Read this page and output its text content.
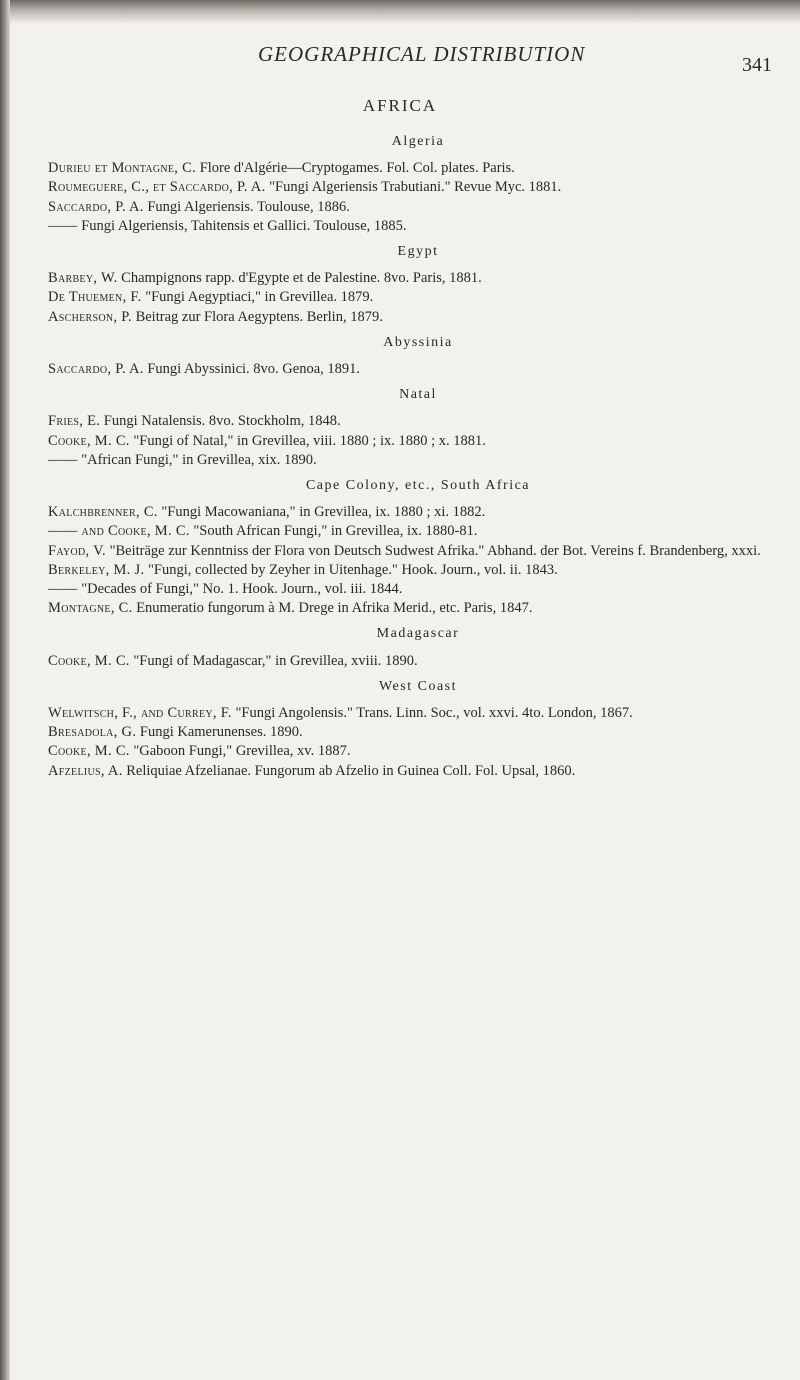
GEOGRAPHICAL DISTRIBUTION	341
AFRICA
Algeria
Durieu et Montagne, C. Flore d'Algérie—Cryptogames. Fol. Col. plates. Paris.
Roumeguere, C., et Saccardo, P. A. "Fungi Algeriensis Trabutiani." Revue Myc. 1881.
Saccardo, P. A. Fungi Algeriensis. Toulouse, 1886.
—— Fungi Algeriensis, Tahitensis et Gallici. Toulouse, 1885.
Egypt
Barbey, W. Champignons rapp. d'Egypte et de Palestine. 8vo. Paris, 1881.
De Thuemen, F. "Fungi Aegyptiaci," in Grevillea. 1879.
Ascherson, P. Beitrag zur Flora Aegyptens. Berlin, 1879.
Abyssinia
Saccardo, P. A. Fungi Abyssinici. 8vo. Genoa, 1891.
Natal
Fries, E. Fungi Natalensis. 8vo. Stockholm, 1848.
Cooke, M. C. "Fungi of Natal," in Grevillea, viii. 1880 ; ix. 1880 ; x. 1881.
—— "African Fungi," in Grevillea, xix. 1890.
Cape Colony, etc., South Africa
Kalchbrenner, C. "Fungi Macowaniana," in Grevillea, ix. 1880 ; xi. 1882.
—— and Cooke, M. C. "South African Fungi," in Grevillea, ix. 1880-81.
Fayod, V. "Beiträge zur Kenntniss der Flora von Deutsch Sudwest Afrika." Abhand. der Bot. Vereins f. Brandenberg, xxxi.
Berkeley, M. J. "Fungi, collected by Zeyher in Uitenhage." Hook. Journ., vol. ii. 1843.
—— "Decades of Fungi," No. 1. Hook. Journ., vol. iii. 1844.
Montagne, C. Enumeratio fungorum à M. Drege in Afrika Merid., etc. Paris, 1847.
Madagascar
Cooke, M. C. "Fungi of Madagascar," in Grevillea, xviii. 1890.
West Coast
Welwitsch, F., and Currey, F. "Fungi Angolensis." Trans. Linn. Soc., vol. xxvi. 4to. London, 1867.
Bresadola, G. Fungi Kamerunenses. 1890.
Cooke, M. C. "Gaboon Fungi," Grevillea, xv. 1887.
Afzelius, A. Reliquiae Afzelianae. Fungorum ab Afzelio in Guinea Coll. Fol. Upsal, 1860.
